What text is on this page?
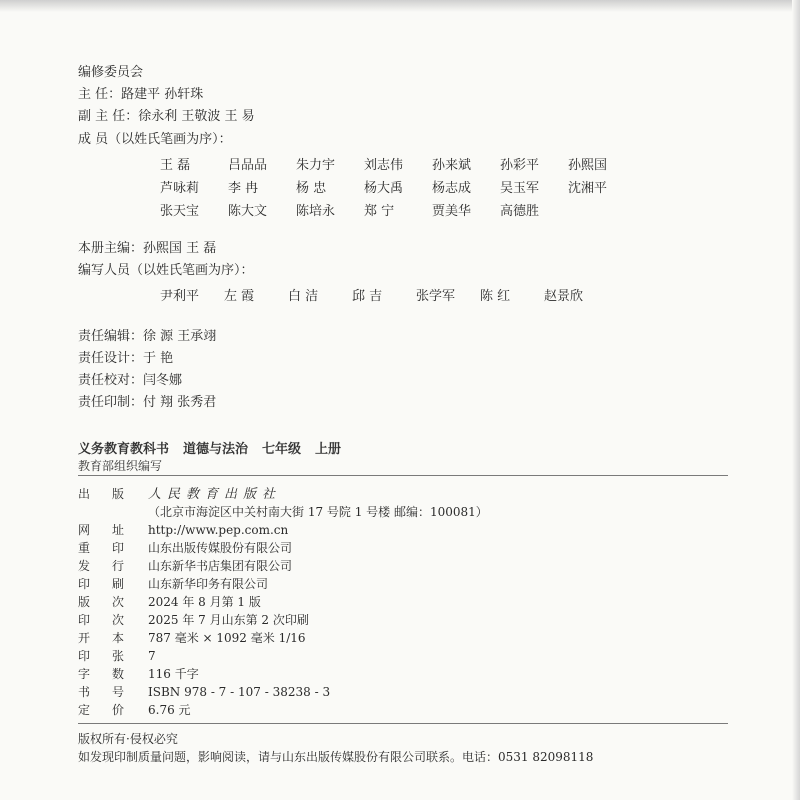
编修委员会
主 任：路建平 孙轩珠
副 主 任：徐永利 王敬波 王 易
成 员（以姓氏笔画为序）：
王 磊	吕品品 朱力宇 刘志伟 孙来斌 孙彩平 孙熙国
芦咏莉 李 冉	杨 忠	杨大禹 杨志成 吴玉军 沈湘平
张天宝 陈大文 陈培永 郑 宁	贾美华 高德胜
本册主编：孙熙国 王 磊
编写人员（以姓氏笔画为序）：
尹利平 左 霞	白 洁	邱 吉	张学军 陈 红	赵景欣
责任编辑：徐 源 王承翊
责任设计：于 艳
责任校对：闫冬娜
责任印制：付 翔 张秀君
义务教育教科书 道德与法治 七年级 上册
教育部组织编写
出 版 人民教育出版社
（北京市海淀区中关村南大街 17 号院 1 号楼 邮编：100081）
网 址 http://www.pep.com.cn
重 印 山东出版传媒股份有限公司
发 行 山东新华书店集团有限公司
印 刷 山东新华印务有限公司
版 次 2024 年 8 月第 1 版
印 次 2025 年 7 月山东第 2 次印刷
开 本 787 毫米 × 1092 毫米 1/16
印 张 7
字 数 116 千字
书 号 ISBN 978 - 7 - 107 - 38238 - 3
定 价 6.76 元
版权所有·侵权必究
如发现印制质量问题，影响阅读，请与山东出版传媒股份有限公司联系。电话：0531 82098118
